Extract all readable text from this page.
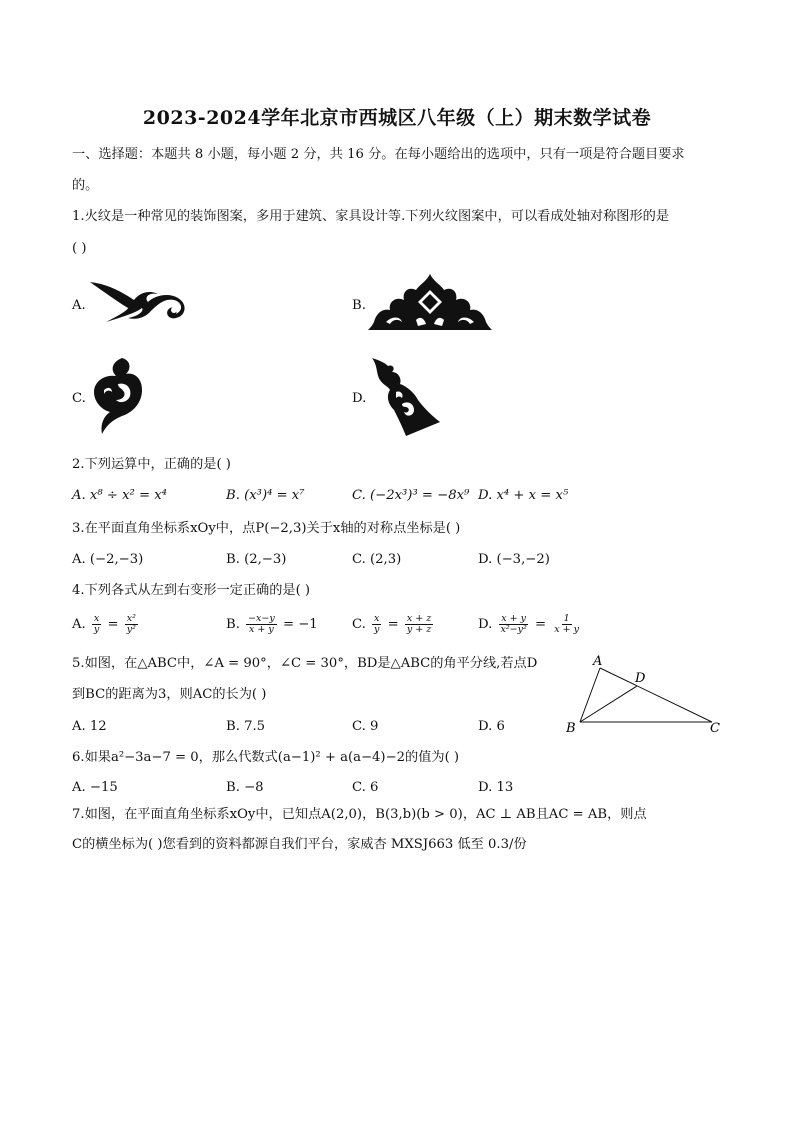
2023-2024学年北京市西城区八年级（上）期末数学试卷
一、选择题：本题共 8 小题，每小题 2 分，共 16 分。在每小题给出的选项中，只有一项是符合题目要求
的。
1.火纹是一种常见的装饰图案，多用于建筑、家具设计等.下列火纹图案中，可以看成处轴对称图形的是
( )
A.	B.
C.	D.
2.下列运算中，正确的是( )
A. x⁸ ÷ x² = x⁴	B. (x³)⁴ = x⁷	C. (−2x³)³ = −8x⁹ D. x⁴ + x = x⁵
3.在平面直角坐标系xOy中，点P(−2,3)关于x轴的对称点坐标是( )
A. (−2,−3)	B. (2,−3)	C. (2,3)	D. (−3,−2)
4.下列各式从左到右变形一定正确的是( )
A. $\frac{x}{y} = \frac{\text{x²}}{\text{y²}}$	B. $\frac{-x-y}{x + y} = -1$	C. $\frac{x}{y} = \frac{x + z}{y + z}$	D. $\frac{x + y}{\text{x²−y²}} = \frac{1}{x + y}$
5.如图，在△ABC中，∠A = 90°，∠C = 30°，BD是△ABC的角平分线,若点D
到BC的距离为3，则AC的长为( )
A. 12	B. 7.5	C. 9	D. 6
A
B	C
D
6.如果a²−3a−7 = 0，那么代数式(a−1)² + a(a−4)−2的值为( )
A. −15	B. −8	C. 6	D. 13
7.如图，在平面直角坐标系xOy中，已知点A(2,0)，B(3,b)(b > 0)，AC ⊥ AB且AC = AB，则点
C的横坐标为( )您看到的资料都源自我们平台，家威杏 MXSJ663 低至 0.3/份
